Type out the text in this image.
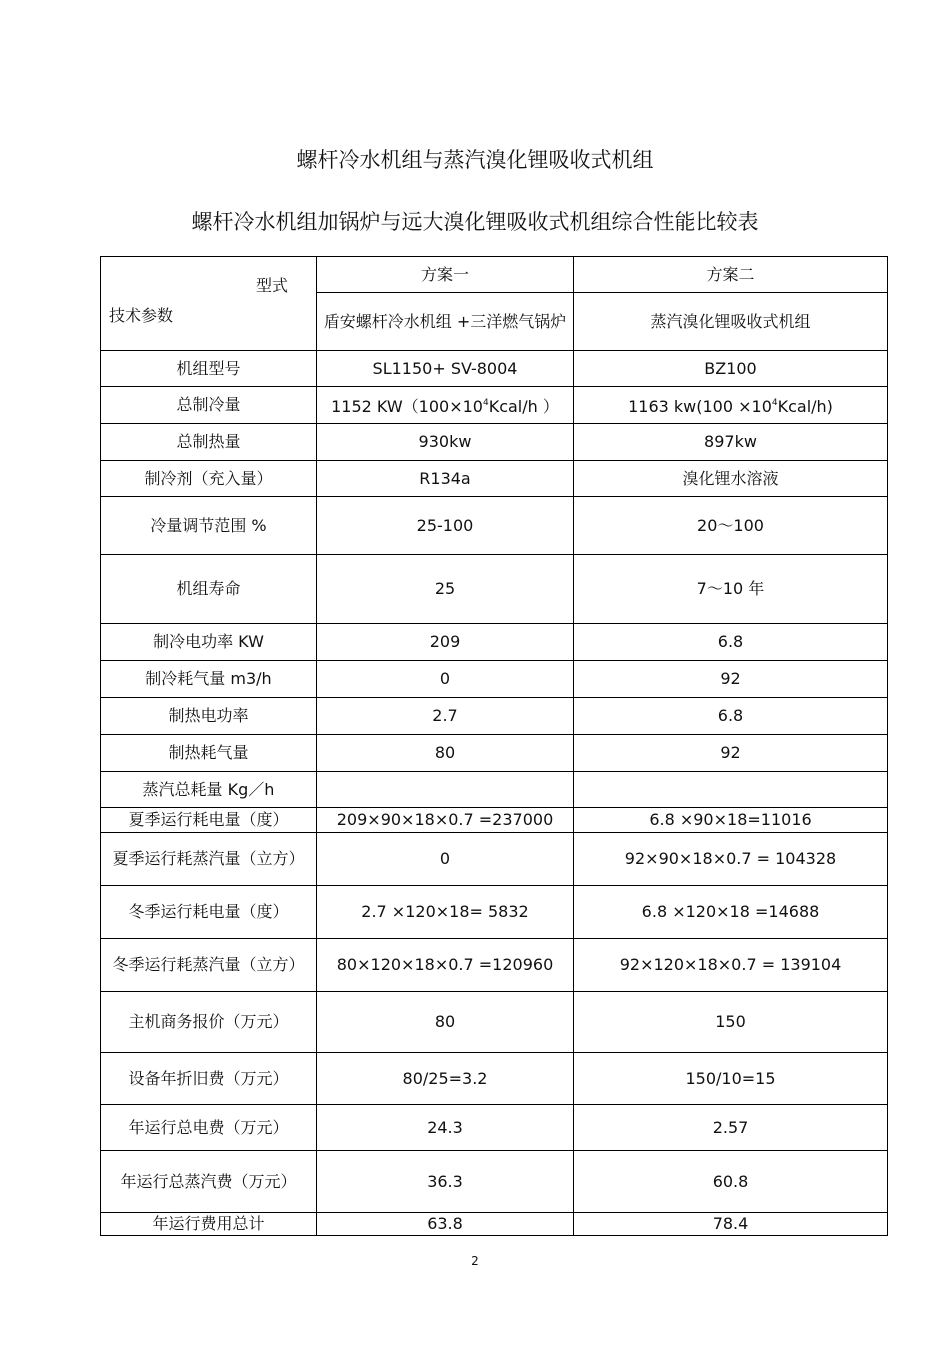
螺杆冷水机组与蒸汽溴化锂吸收式机组
螺杆冷水机组加锅炉与远大溴化锂吸收式机组综合性能比较表
型式
技术参数	方案一	方案二
	盾安螺杆冷水机组 +三洋燃气锅炉	蒸汽溴化锂吸收式机组
机组型号	SL1150+ SV-8004	BZ100
总制冷量	1152 $KW(100\times 10^4Kcal/h$ ）	1163 $kw(100 \times 10^4Kcal/h)$
总制热量	930kw	897kw
制冷剂（充入量）	R134a	溴化锂水溶液
冷量调节范围 %	25-100	20～100
机组寿命	25	7～10 年
制冷电功率 KW	209	6.8
制冷耗气量 m3/h	0	92
制热电功率	2.7	6.8
制热耗气量	80	92
蒸汽总耗量 Kg／h		
夏季运行耗电量（度）	209×90×18×0.7 =237000	6.8 ×90×18=11016
夏季运行耗蒸汽量（立方）	0	92×90×18×0.7 = 104328
冬季运行耗电量（度）	2.7 ×120×18= 5832	6.8 ×120×18 =14688
冬季运行耗蒸汽量（立方）	80×120×18×0.7 =120960	92×120×18×0.7 = 139104
主机商务报价（万元）	80	150
设备年折旧费（万元）	80/25=3.2	150/10=15
年运行总电费（万元）	24.3	2.57
年运行总蒸汽费（万元）	36.3	60.8
年运行费用总计	63.8	78.4
2
